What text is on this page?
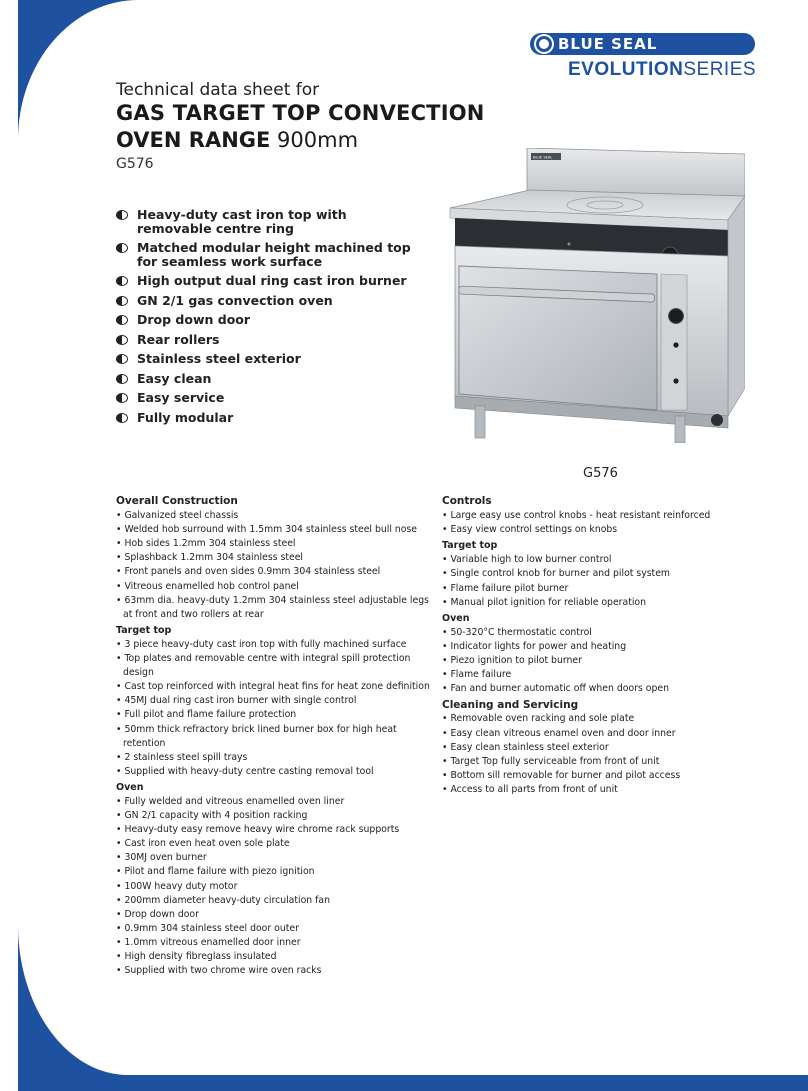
BLUE SEAL
EVOLUTIONSERIES
Technical data sheet for
GAS TARGET TOP CONVECTION
OVEN RANGE 900mm
G576
Heavy-duty cast iron top with removable centre ring
Matched modular height machined top for seamless work surface
High output dual ring cast iron burner
GN 2/1 gas convection oven
Drop down door
Rear rollers
Stainless steel exterior
Easy clean
Easy service
Fully modular
BLUE SEAL
G576
Overall Construction
• Galvanized steel chassis
• Welded hob surround with 1.5mm 304 stainless steel bull nose
• Hob sides 1.2mm 304 stainless steel
• Splashback 1.2mm 304 stainless steel
• Front panels and oven sides 0.9mm 304 stainless steel
• Vitreous enamelled hob control panel
• 63mm dia. heavy-duty 1.2mm 304 stainless steel adjustable legs at front and two rollers at rear
Target top
• 3 piece heavy-duty cast iron top with fully machined surface
• Top plates and removable centre with integral spill protection design
• Cast top reinforced with integral heat fins for heat zone definition
• 45MJ dual ring cast iron burner with single control
• Full pilot and flame failure protection
• 50mm thick refractory brick lined burner box for high heat retention
• 2 stainless steel spill trays
• Supplied with heavy-duty centre casting removal tool
Oven
• Fully welded and vitreous enamelled oven liner
• GN 2/1 capacity with 4 position racking
• Heavy-duty easy remove heavy wire chrome rack supports
• Cast iron even heat oven sole plate
• 30MJ oven burner
• Pilot and flame failure with piezo ignition
• 100W heavy duty motor
• 200mm diameter heavy-duty circulation fan
• Drop down door
• 0.9mm 304 stainless steel door outer
• 1.0mm vitreous enamelled door inner
• High density fibreglass insulated
• Supplied with two chrome wire oven racks
Controls
• Large easy use control knobs - heat resistant reinforced
• Easy view control settings on knobs
Target top
• Variable high to low burner control
• Single control knob for burner and pilot system
• Flame failure pilot burner
• Manual pilot ignition for reliable operation
Oven
• 50-320°C thermostatic control
• Indicator lights for power and heating
• Piezo ignition to pilot burner
• Flame failure
• Fan and burner automatic off when doors open
Cleaning and Servicing
• Removable oven racking and sole plate
• Easy clean vitreous enamel oven and door inner
• Easy clean stainless steel exterior
• Target Top fully serviceable from front of unit
• Bottom sill removable for burner and pilot access
• Access to all parts from front of unit
